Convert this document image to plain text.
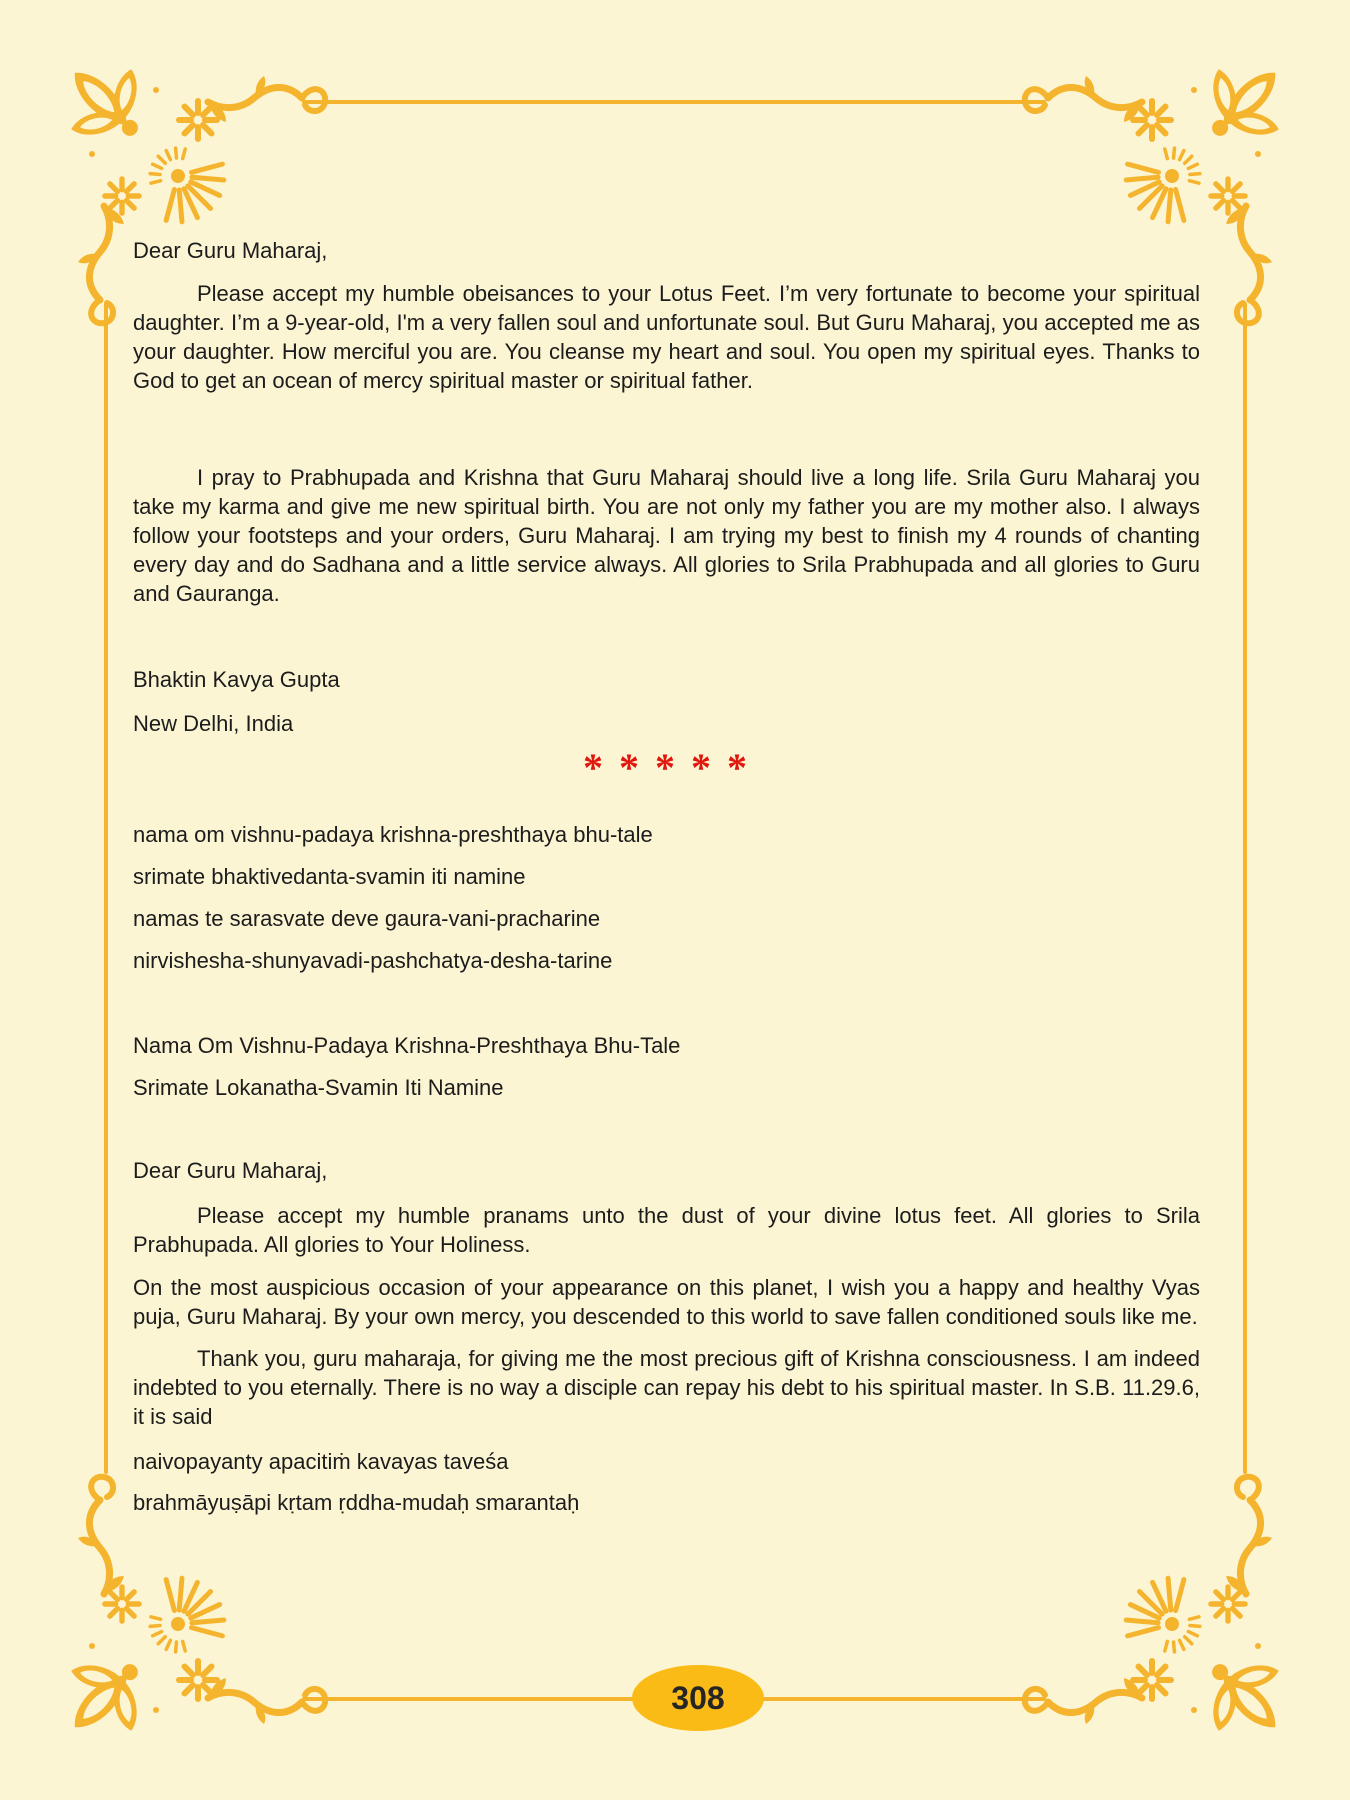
Dear Guru Maharaj,

Please accept my humble obeisances to your Lotus Feet. I’m very fortunate to become your spiritual daughter. I’m a 9-year-old, I'm a very fallen soul and unfortunate soul. But Guru Maharaj, you accepted me as your daughter. How merciful you are. You cleanse my heart and soul. You open my spiritual eyes. Thanks to God to get an ocean of mercy spiritual master or spiritual father.

I pray to Prabhupada and Krishna that Guru Maharaj should live a long life. Srila Guru Maharaj you take my karma and give me new spiritual birth. You are not only my father you are my mother also. I always follow your footsteps and your orders, Guru Maharaj. I am trying my best to finish my 4 rounds of chanting every day and do Sadhana and a little service always. All glories to Srila Prabhupada and all glories to Guru and Gauranga.

Bhaktin Kavya Gupta

New Delhi, India

* * * * *

nama om vishnu-padaya krishna-preshthaya bhu-tale

srimate bhaktivedanta-svamin iti namine

namas te sarasvate deve gaura-vani-pracharine

nirvishesha-shunyavadi-pashchatya-desha-tarine

Nama Om Vishnu-Padaya Krishna-Preshthaya Bhu-Tale

Srimate Lokanatha-Svamin Iti Namine

Dear Guru Maharaj,

Please accept my humble pranams unto the dust of your divine lotus feet. All glories to Srila Prabhupada. All glories to Your Holiness.

On the most auspicious occasion of your appearance on this planet, I wish you a happy and healthy Vyas puja, Guru Maharaj. By your own mercy, you descended to this world to save fallen conditioned souls like me.

Thank you, guru maharaja, for giving me the most precious gift of Krishna consciousness. I am indeed indebted to you eternally. There is no way a disciple can repay his debt to his spiritual master. In S.B. 11.29.6, it is said

naivopayanty apacitiṁ kavayas taveśa

brahmāyuṣāpi kṛtam ṛddha-mudaḥ smarantaḥ

308
